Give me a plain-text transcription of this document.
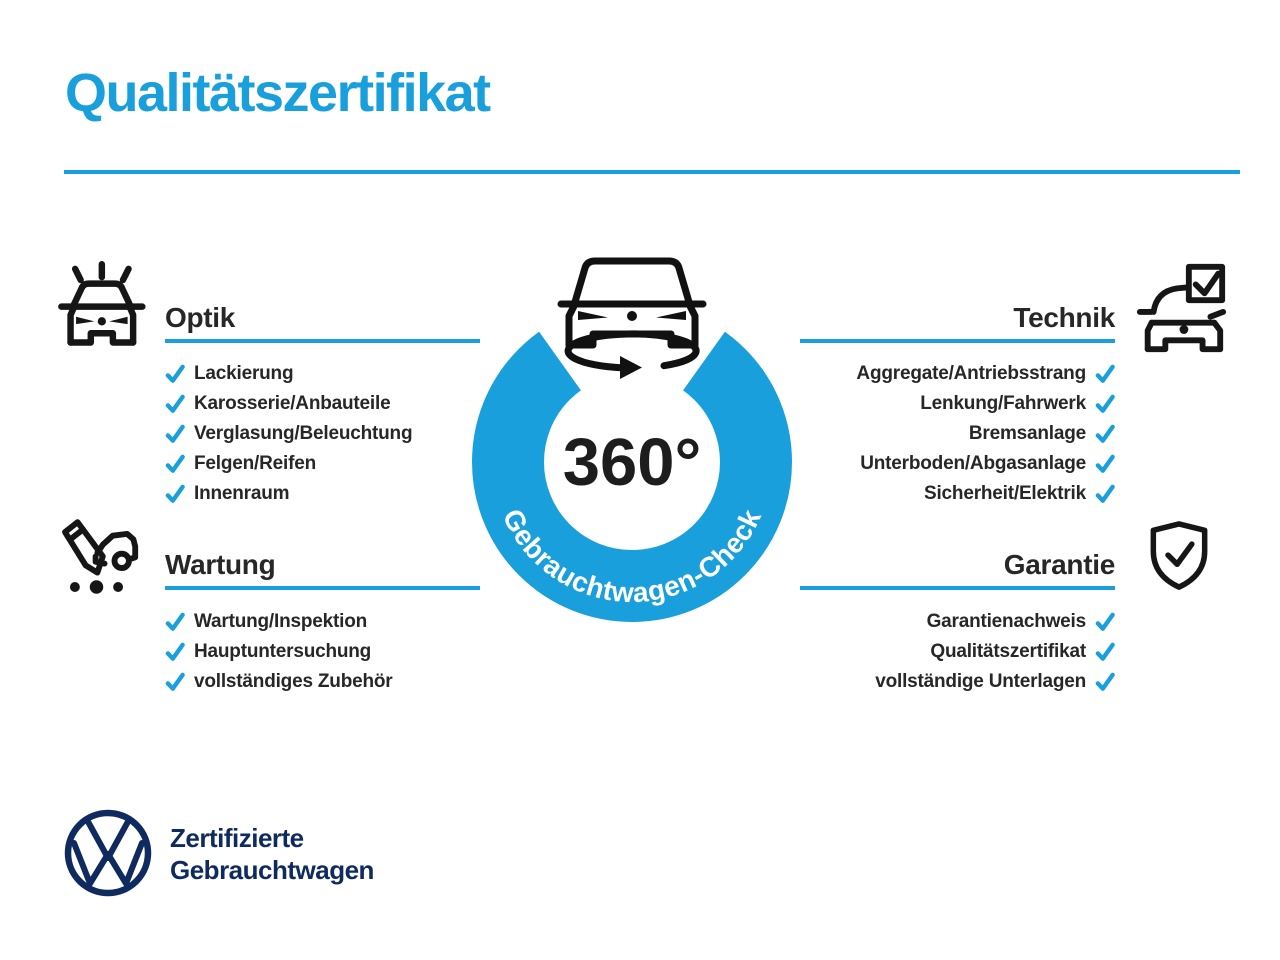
Qualitätszertifikat
Optik
Lackierung
Karosserie/Anbauteile
Verglasung/Beleuchtung
Felgen/Reifen
Innenraum
Wartung
Wartung/Inspektion
Hauptuntersuchung
vollständiges Zubehör
Technik
Aggregate/Antriebsstrang
Lenkung/Fahrwerk
Bremsanlage
Unterboden/Abgasanlage
Sicherheit/Elektrik
Garantie
Garantienachweis
Qualitätszertifikat
vollständige Unterlagen
Gebrauchtwagen-Check
360°
Zertifizierte
Gebrauchtwagen
